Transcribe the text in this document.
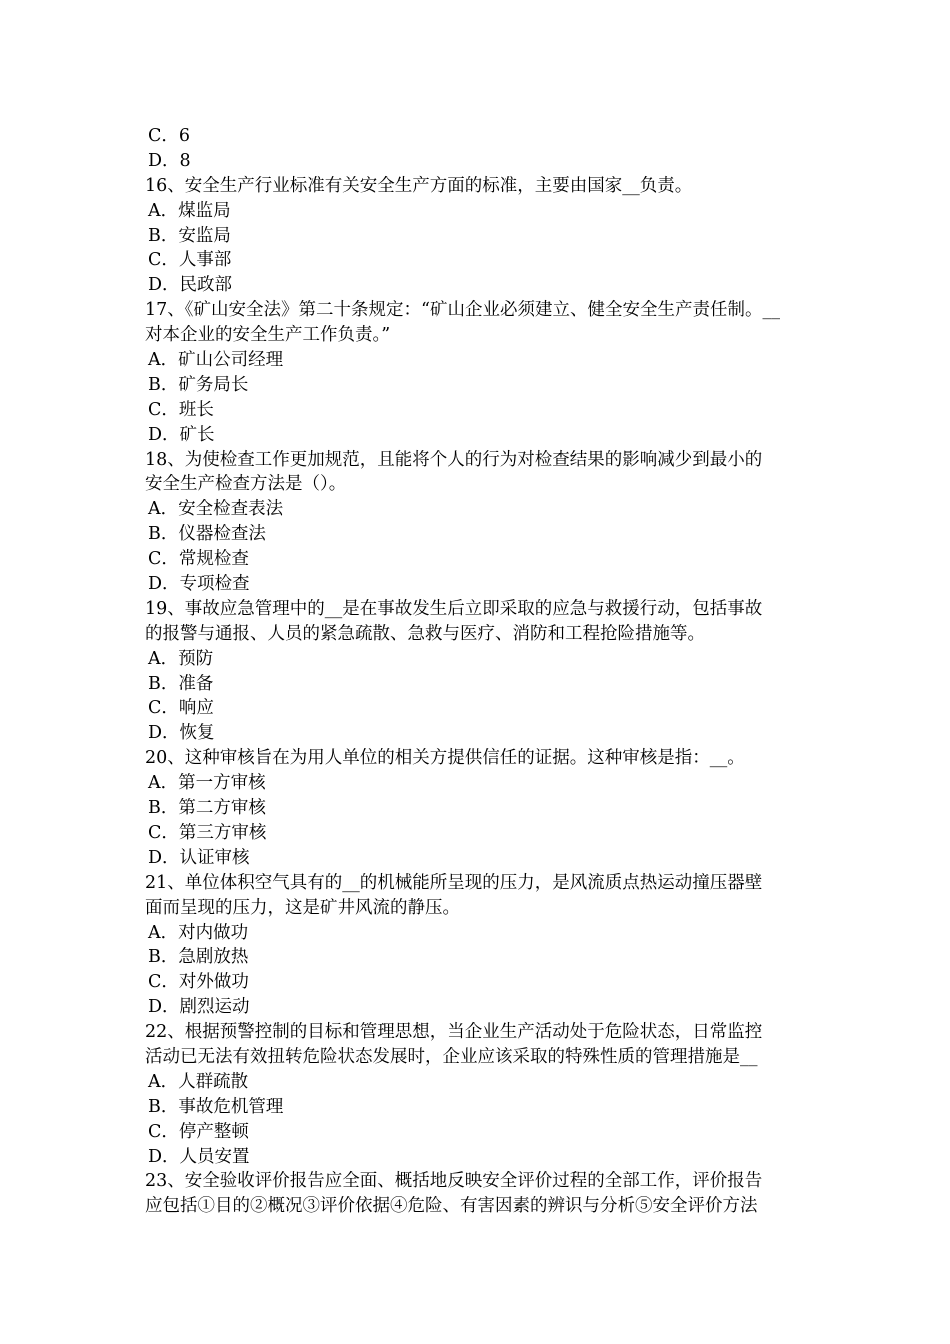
C．6
D．8
16、安全生产行业标准有关安全生产方面的标准，主要由国家__负责。
A．煤监局
B．安监局
C．人事部
D．民政部
17、《矿山安全法》第二十条规定：“矿山企业必须建立、健全安全生产责任制。__
对本企业的安全生产工作负责。”
A．矿山公司经理
B．矿务局长
C．班长
D．矿长
18、为使检查工作更加规范，且能将个人的行为对检查结果的影响减少到最小的
安全生产检查方法是（）。
A．安全检查表法
B．仪器检查法
C．常规检查
D．专项检查
19、事故应急管理中的__是在事故发生后立即采取的应急与救援行动，包括事故
的报警与通报、人员的紧急疏散、急救与医疗、消防和工程抢险措施等。
A．预防
B．准备
C．响应
D．恢复
20、这种审核旨在为用人单位的相关方提供信任的证据。这种审核是指：__。
A．第一方审核
B．第二方审核
C．第三方审核
D．认证审核
21、单位体积空气具有的__的机械能所呈现的压力，是风流质点热运动撞压器壁
面而呈现的压力，这是矿井风流的静压。
A．对内做功
B．急剧放热
C．对外做功
D．剧烈运动
22、根据预警控制的目标和管理思想，当企业生产活动处于危险状态，日常监控
活动已无法有效扭转危险状态发展时，企业应该采取的特殊性质的管理措施是__
A．人群疏散
B．事故危机管理
C．停产整顿
D．人员安置
23、安全验收评价报告应全面、概括地反映安全评价过程的全部工作，评价报告
应包括①目的②概况③评价依据④危险、有害因素的辨识与分析⑤安全评价方法
